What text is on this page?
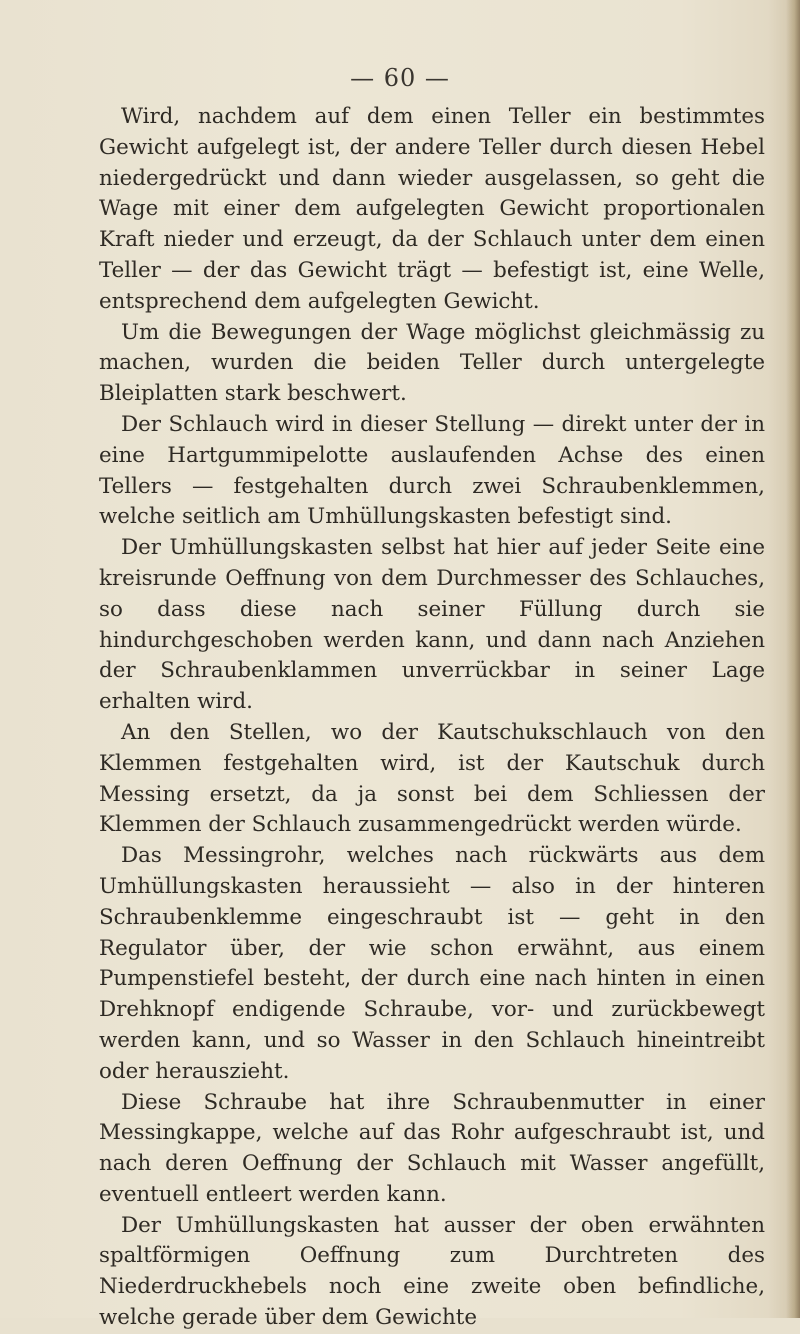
— 60 —

Wird, nachdem auf dem einen Teller ein bestimmtes Gewicht aufgelegt ist, der andere Teller durch diesen Hebel niedergedrückt und dann wieder ausgelassen, so geht die Wage mit einer dem aufgelegten Gewicht proportionalen Kraft nieder und erzeugt, da der Schlauch unter dem einen Teller — der das Gewicht trägt — befestigt ist, eine Welle, entsprechend dem aufgelegten Gewicht.

Um die Bewegungen der Wage möglichst gleichmässig zu machen, wurden die beiden Teller durch untergelegte Bleiplatten stark beschwert.

Der Schlauch wird in dieser Stellung — direkt unter der in eine Hartgummipelotte auslaufenden Achse des einen Tellers — festgehalten durch zwei Schraubenklemmen, welche seitlich am Umhüllungskasten befestigt sind.

Der Umhüllungskasten selbst hat hier auf jeder Seite eine kreisrunde Oeffnung von dem Durchmesser des Schlauches, so dass diese nach seiner Füllung durch sie hindurchgeschoben werden kann, und dann nach Anziehen der Schraubenklammen unverrückbar in seiner Lage erhalten wird.

An den Stellen, wo der Kautschukschlauch von den Klemmen festgehalten wird, ist der Kautschuk durch Messing ersetzt, da ja sonst bei dem Schliessen der Klemmen der Schlauch zusammengedrückt werden würde.

Das Messingrohr, welches nach rückwärts aus dem Umhüllungskasten heraussieht — also in der hinteren Schraubenklemme eingeschraubt ist — geht in den Regulator über, der wie schon erwähnt, aus einem Pumpenstiefel besteht, der durch eine nach hinten in einen Drehknopf endigende Schraube, vor- und zurückbewegt werden kann, und so Wasser in den Schlauch hineintreibt oder herauszieht.

Diese Schraube hat ihre Schraubenmutter in einer Messingkappe, welche auf das Rohr aufgeschraubt ist, und nach deren Oeffnung der Schlauch mit Wasser angefüllt, eventuell entleert werden kann.

Der Umhüllungskasten hat ausser der oben erwähnten spaltförmigen Oeffnung zum Durchtreten des Niederdruckhebels noch eine zweite oben befindliche, welche gerade über dem Gewichte
